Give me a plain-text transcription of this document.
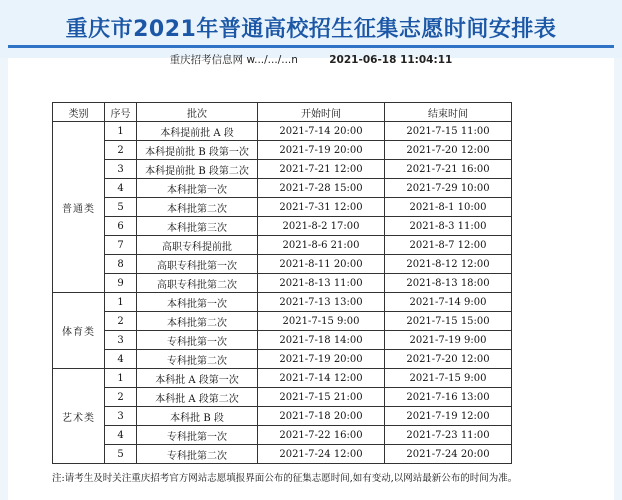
重庆市2021年普通高校招生征集志愿时间安排表
重庆招考信息网 w.../.../...n	2021-06-18 11:04:11
类别	序号	批次	开始时间	结束时间
普通类	1	本科提前批 A 段	2021-7-14 20:00	2021-7-15 11:00
	2	本科提前批 B 段第一次	2021-7-19 20:00	2021-7-20 12:00
	3	本科提前批 B 段第二次	2021-7-21 12:00	2021-7-21 16:00
	4	本科批第一次	2021-7-28 15:00	2021-7-29 10:00
	5	本科批第二次	2021-7-31 12:00	2021-8-1 10:00
	6	本科批第三次	2021-8-2 17:00	2021-8-3 11:00
	7	高职专科提前批	2021-8-6 21:00	2021-8-7 12:00
	8	高职专科批第一次	2021-8-11 20:00	2021-8-12 12:00
	9	高职专科批第二次	2021-8-13 11:00	2021-8-13 18:00
体育类	1	本科批第一次	2021-7-13 13:00	2021-7-14 9:00
	2	本科批第二次	2021-7-15 9:00	2021-7-15 15:00
	3	专科批第一次	2021-7-18 14:00	2021-7-19 9:00
	4	专科批第二次	2021-7-19 20:00	2021-7-20 12:00
艺术类	1	本科批 A 段第一次	2021-7-14 12:00	2021-7-15 9:00
	2	本科批 A 段第二次	2021-7-15 21:00	2021-7-16 13:00
	3	本科批 B 段	2021-7-18 20:00	2021-7-19 12:00
	4	专科批第一次	2021-7-22 16:00	2021-7-23 11:00
	5	专科批第二次	2021-7-24 12:00	2021-7-24 20:00
注:请考生及时关注重庆招考官方网站志愿填报界面公布的征集志愿时间,如有变动,以网站最新公布的时间为准。
